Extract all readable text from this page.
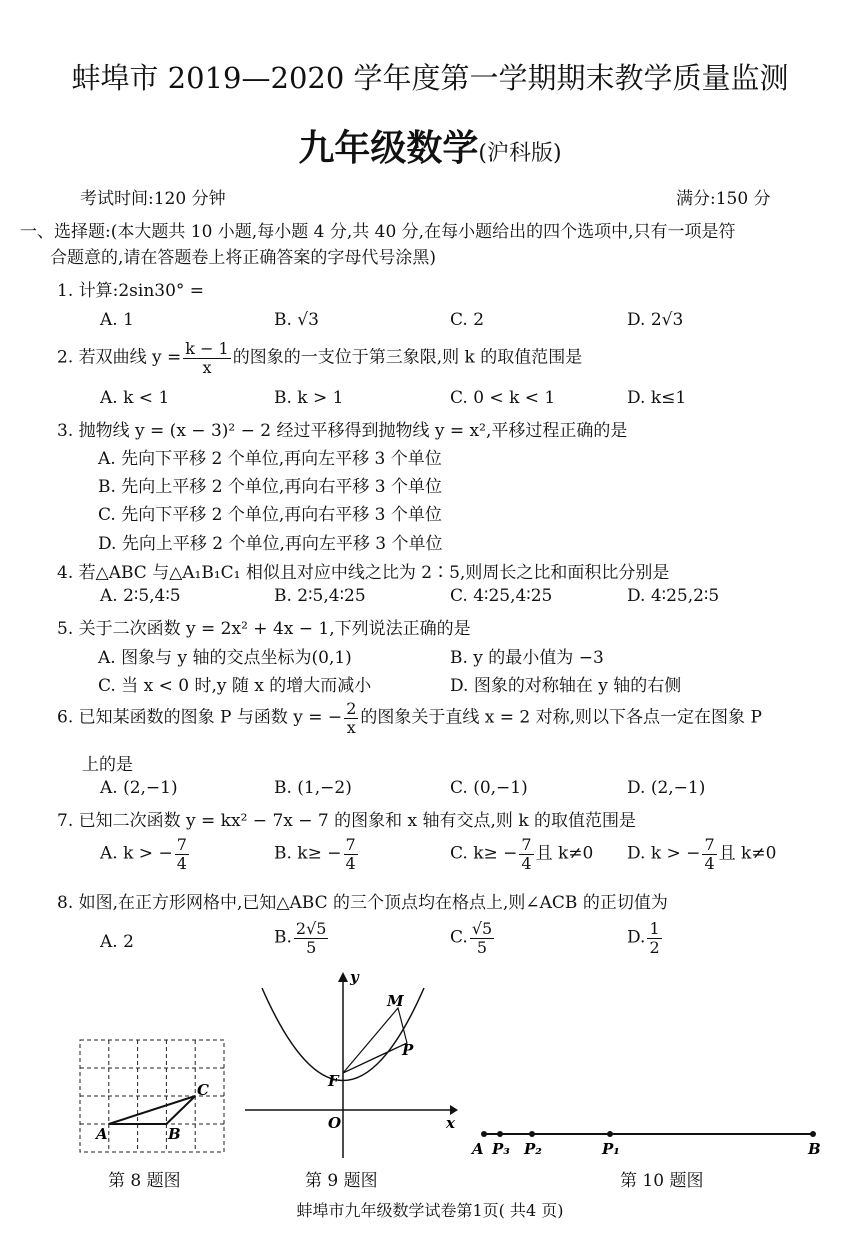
蚌埠市 2019—2020 学年度第一学期期末教学质量监测
九年级数学(沪科版)
考试时间:120 分钟	满分:150 分
一、选择题:(本大题共 10 小题,每小题 4 分,共 40 分,在每小题给出的四个选项中,只有一项是符
合题意的,请在答题卷上将正确答案的字母代号涂黑)
1. 计算:2sin30° =
A. 1	B. √3	C. 2	D. 2√3
2. 若双曲线 $y = \frac{k - 1}{x}$ 的图象的一支位于第三象限,则 k 的取值范围是
A. k < 1	B. k > 1	C. 0 < k < 1	D. k≤1
3. 抛物线 y = (x − 3)² − 2 经过平移得到抛物线 y = x²,平移过程正确的是
A. 先向下平移 2 个单位,再向左平移 3 个单位
B. 先向上平移 2 个单位,再向右平移 3 个单位
C. 先向下平移 2 个单位,再向右平移 3 个单位
D. 先向上平移 2 个单位,再向左平移 3 个单位
4. 若△ABC 与△A₁B₁C₁ 相似且对应中线之比为 2∶5,则周长之比和面积比分别是
A. 2∶5,4∶5	B. 2∶5,4∶25	C. 4∶25,4∶25	D. 4∶25,2∶5
5. 关于二次函数 y = 2x² + 4x − 1,下列说法正确的是
A. 图象与 y 轴的交点坐标为(0,1)	B. y 的最小值为 −3
C. 当 x < 0 时,y 随 x 的增大而减小	D. 图象的对称轴在 y 轴的右侧
6. 已知某函数的图象 P 与函数 y = − $\frac{2}{x}$ 的图象关于直线 x = 2 对称,则以下各点一定在图象 P
上的是
A. (2,−1)	B. (1,−2)	C. (0,−1)	D. (2,−1)
7. 已知二次函数 y = kx² − 7x − 7 的图象和 x 轴有交点,则 k 的取值范围是
A. k > − $\frac{7}{4}$	B. $k\ge - \frac{7}{4}$	C. $k\ge - \frac{7}{4}$ 且 k≠0 D. k > − $\frac{7}{4}$ 且 k≠0
8. 如图,在正方形网格中,已知△ABC 的三个顶点均在格点上,则∠ACB 的正切值为
A. 2	B. $\frac{2√5}{5}$	C. $\frac{√5}{5}$	D. $\frac{1}{2}$
A	B
C
第 8 题图
y
x
O
F
M
P
第 9 题图
A P₃ P₂	P₁	B
第 10 题图
蚌埠市九年级数学试卷第1页( 共4 页)
